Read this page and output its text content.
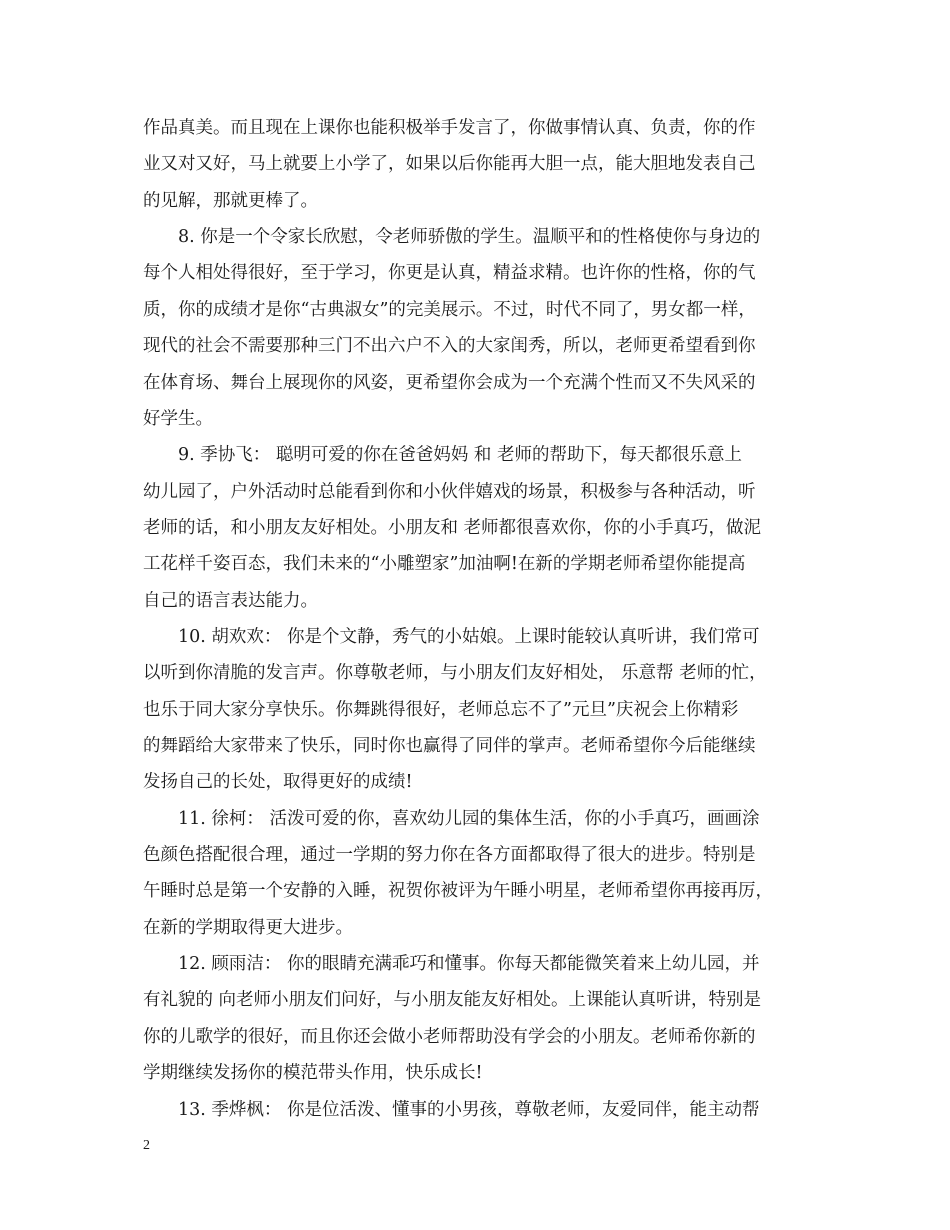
作品真美。而且现在上课你也能积极举手发言了，你做事情认真、负责，你的作
业又对又好，马上就要上小学了，如果以后你能再大胆一点，能大胆地发表自己
的见解，那就更棒了。
8. 你是一个令家长欣慰，令老师骄傲的学生。温顺平和的性格使你与身边的
每个人相处得很好，至于学习，你更是认真，精益求精。也许你的性格，你的气
质，你的成绩才是你“古典淑女”的完美展示。不过，时代不同了，男女都一样，
现代的社会不需要那种三门不出六户不入的大家闺秀，所以，老师更希望看到你
在体育场、舞台上展现你的风姿，更希望你会成为一个充满个性而又不失风采的
好学生。
9. 季协飞： 聪明可爱的你在爸爸妈妈 和 老师的帮助下，每天都很乐意上
幼儿园了，户外活动时总能看到你和小伙伴嬉戏的场景，积极参与各种活动，听
老师的话，和小朋友友好相处。小朋友和 老师都很喜欢你，你的小手真巧，做泥
工花样千姿百态，我们未来的“小雕塑家”加油啊!在新的学期老师希望你能提高
自己的语言表达能力。
10. 胡欢欢： 你是个文静，秀气的小姑娘。上课时能较认真听讲，我们常可
以听到你清脆的发言声。你尊敬老师，与小朋友们友好相处， 乐意帮 老师的忙，
也乐于同大家分享快乐。你舞跳得很好，老师总忘不了”元旦”庆祝会上你精彩
的舞蹈给大家带来了快乐，同时你也赢得了同伴的掌声。老师希望你今后能继续
发扬自己的长处，取得更好的成绩!
11. 徐柯： 活泼可爱的你，喜欢幼儿园的集体生活，你的小手真巧，画画涂
色颜色搭配很合理，通过一学期的努力你在各方面都取得了很大的进步。特别是
午睡时总是第一个安静的入睡，祝贺你被评为午睡小明星，老师希望你再接再厉，
在新的学期取得更大进步。
12. 顾雨洁： 你的眼睛充满乖巧和懂事。你每天都能微笑着来上幼儿园，并
有礼貌的 向老师小朋友们问好，与小朋友能友好相处。上课能认真听讲，特别是
你的儿歌学的很好，而且你还会做小老师帮助没有学会的小朋友。老师希你新的
学期继续发扬你的模范带头作用，快乐成长!
13. 季烨枫： 你是位活泼、懂事的小男孩，尊敬老师，友爱同伴，能主动帮
2
